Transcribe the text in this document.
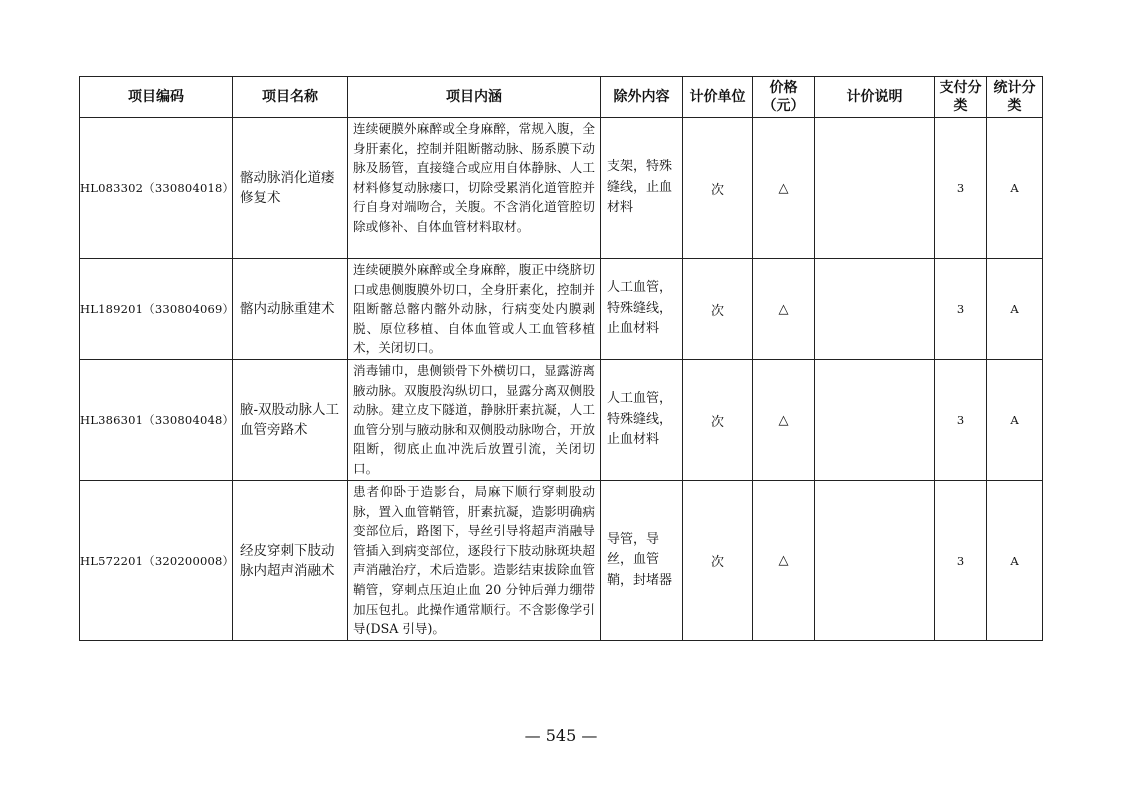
项目编码	项目名称	项目内涵	除外内容	计价单位	价格（元）	计价说明	支付分类	统计分类
HL083302（330804018）	髂动脉消化道瘘修复术	连续硬膜外麻醉或全身麻醉，常规入腹，全身肝素化，控制并阻断髂动脉、肠系膜下动脉及肠管，直接缝合或应用自体静脉、人工材料修复动脉瘘口，切除受累消化道管腔并行自身对端吻合，关腹。不含消化道管腔切除或修补、自体血管材料取材。	支架，特殊缝线，止血材料	次	△		3	A
HL189201（330804069）	髂内动脉重建术	连续硬膜外麻醉或全身麻醉，腹正中绕脐切口或患侧腹膜外切口，全身肝素化，控制并阻断髂总髂内髂外动脉，行病变处内膜剥脱、原位移植、自体血管或人工血管移植术，关闭切口。	人工血管，特殊缝线，止血材料	次	△		3	A
HL386301（330804048）	腋-双股动脉人工血管旁路术	消毒铺巾，患侧锁骨下外横切口，显露游离腋动脉。双腹股沟纵切口，显露分离双侧股动脉。建立皮下隧道，静脉肝素抗凝，人工血管分别与腋动脉和双侧股动脉吻合，开放阻断，彻底止血冲洗后放置引流，关闭切口。	人工血管，特殊缝线，止血材料	次	△		3	A
HL572201（320200008）	经皮穿刺下肢动脉内超声消融术	患者仰卧于造影台，局麻下顺行穿刺股动脉，置入血管鞘管，肝素抗凝，造影明确病变部位后，路图下，导丝引导将超声消融导管插入到病变部位，逐段行下肢动脉斑块超声消融治疗，术后造影。造影结束拔除血管鞘管，穿刺点压迫止血 20 分钟后弹力绷带加压包扎。此操作通常顺行。不含影像学引导(DSA 引导)。	导管，导丝，血管鞘，封堵器	次	△		3	A
— 545 —
